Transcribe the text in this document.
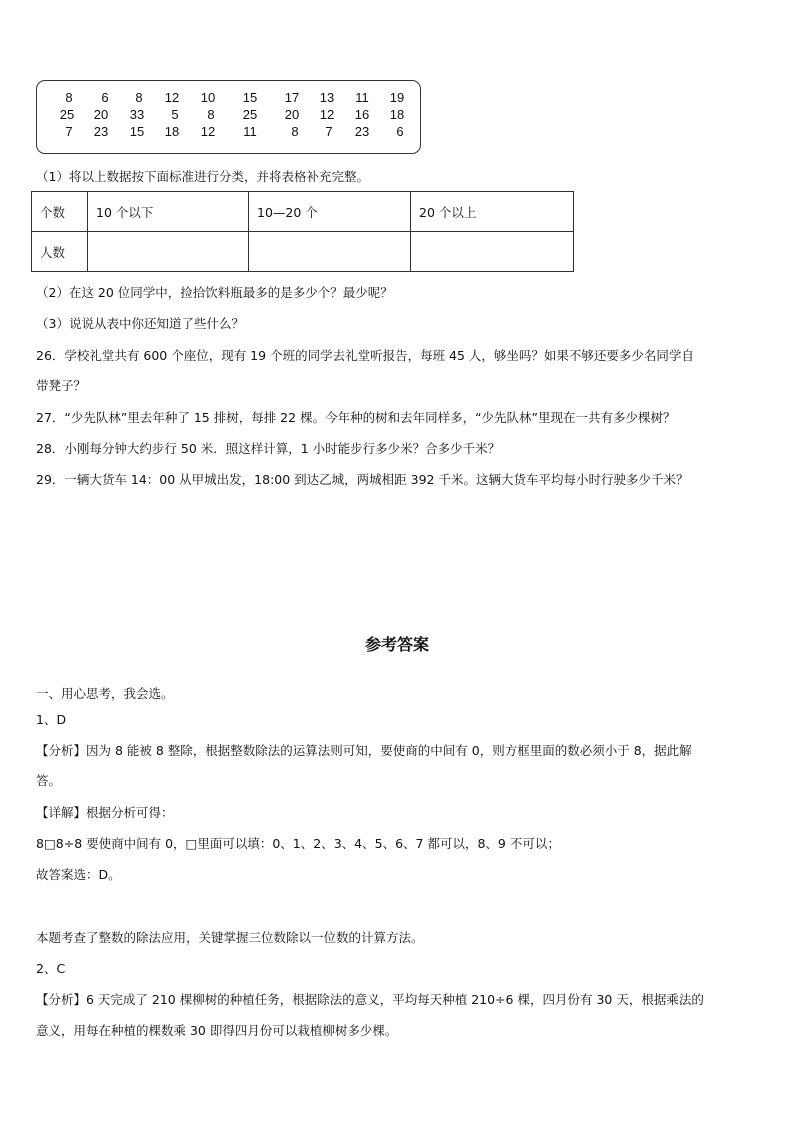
8	6	8	12	10	15	17	13	11	19
25	20	33	5	8	25	20	12	16	18
7	23	15	18	12	11	8	7	23	6
（1）将以上数据按下面标准进行分类，并将表格补充完整。
个数	10 个以下	10—20 个	20 个以上
人数			
（2）在这 20 位同学中，捡拾饮料瓶最多的是多少个？最少呢？
（3）说说从表中你还知道了些什么？
26．学校礼堂共有 600 个座位，现有 19 个班的同学去礼堂听报告，每班 45 人，够坐吗？如果不够还要多少名同学自
带凳子？
27．“少先队林”里去年种了 15 排树，每排 22 棵。今年种的树和去年同样多，“少先队林”里现在一共有多少棵树？
28．小刚每分钟大约步行 50 米．照这样计算，1 小时能步行多少米？合多少千米？
29．一辆大货车 14：00 从甲城出发，18:00 到达乙城，两城相距 392 千米。这辆大货车平均每小时行驶多少千米？
参考答案
一、用心思考，我会选。
1、D
【分析】因为 8 能被 8 整除，根据整数除法的运算法则可知，要使商的中间有 0，则方框里面的数必须小于 8，据此解
答。
【详解】根据分析可得：
8□8÷8 要使商中间有 0，□里面可以填：0、1、2、3、4、5、6、7 都可以，8、9 不可以；
故答案选：D。
本题考查了整数的除法应用，关键掌握三位数除以一位数的计算方法。
2、C
【分析】6 天完成了 210 棵柳树的种植任务，根据除法的意义，平均每天种植 210÷6 棵，四月份有 30 天，根据乘法的
意义，用每在种植的棵数乘 30 即得四月份可以栽植柳树多少棵。
